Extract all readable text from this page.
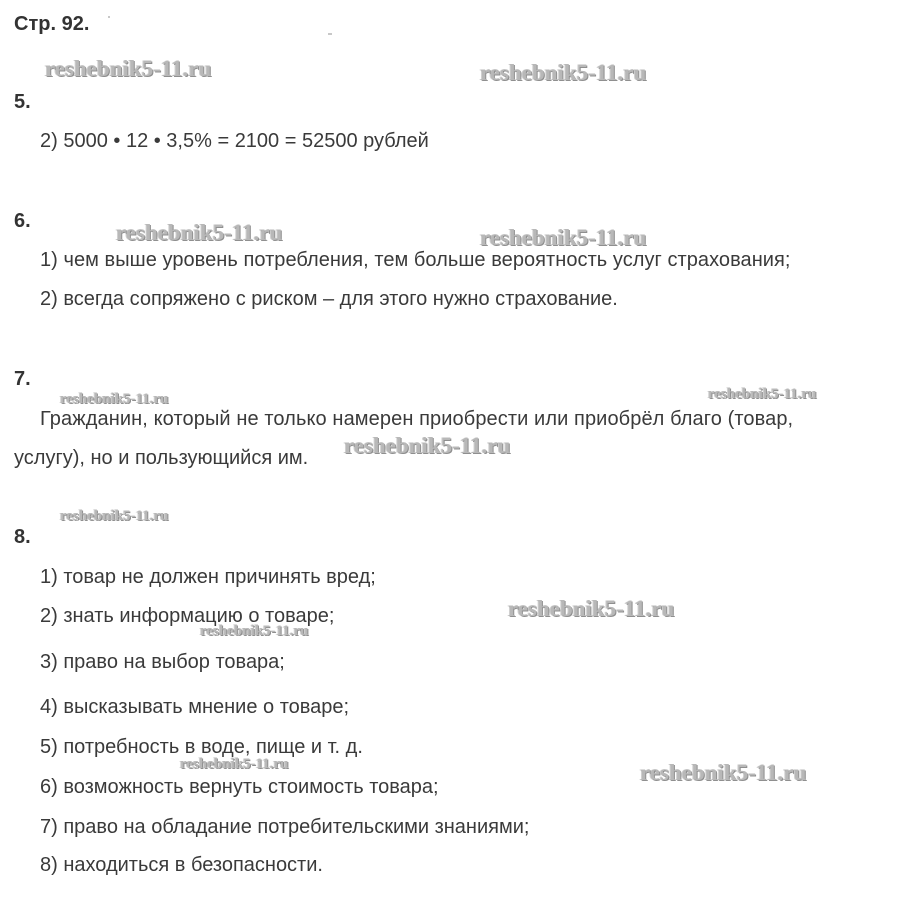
Стр. 92.
5.
2) 5000 • 12 • 3,5% = 2100 = 52500 рублей
6.
1) чем выше уровень потребления, тем больше вероятность услуг страхования;
2) всегда сопряжено с риском – для этого нужно страхование.
7.
Гражданин, который не только намерен приобрести или приобрёл благо (товар,
услугу), но и пользующийся им.
8.
1) товар не должен причинять вред;
2) знать информацию о товаре;
3) право на выбор товара;
4) высказывать мнение о товаре;
5) потребность в воде, пище и т. д.
6) возможность вернуть стоимость товара;
7) право на обладание потребительскими знаниями;
8) находиться в безопасности.
reshebnik5-11.ru	reshebnik5-11.ru
reshebnik5-11.ru	reshebnik5-11.ru
reshebnik5-11.ru	reshebnik5-11.ru
reshebnik5-11.ru
reshebnik5-11.ru
reshebnik5-11.ru
reshebnik5-11.ru
reshebnik5-11.ru	reshebnik5-11.ru
